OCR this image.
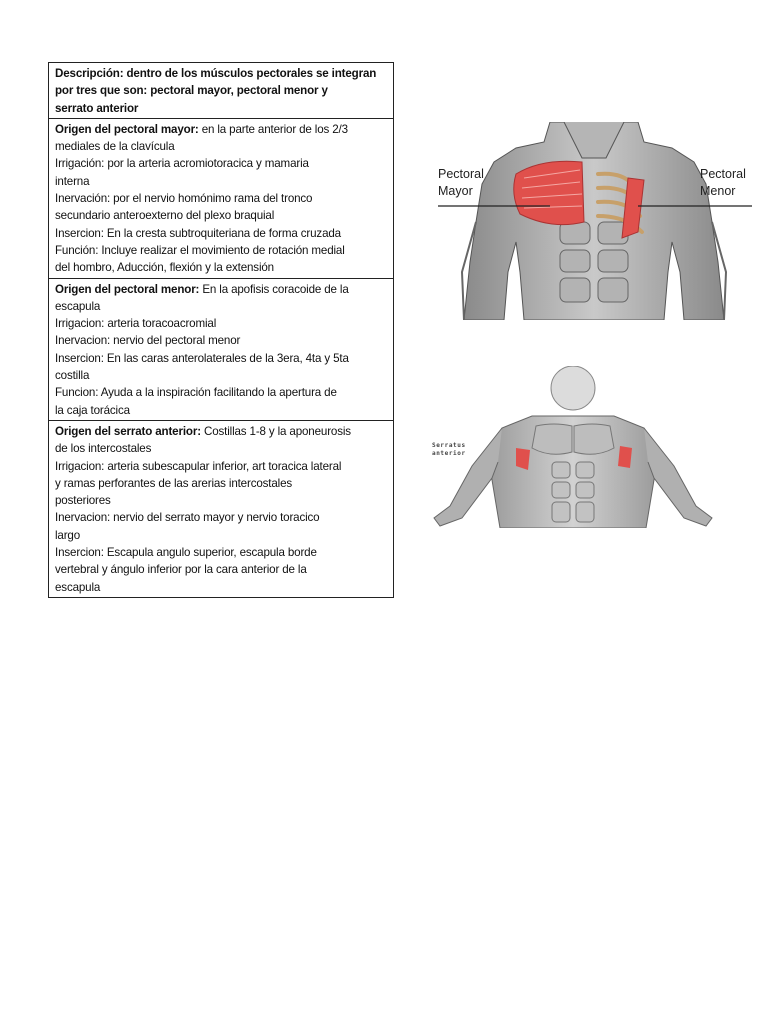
Descripción: dentro de los músculos pectorales se integran
por tres que son: pectoral mayor, pectoral menor y
serrato anterior

Origen del pectoral mayor: en la parte anterior de los 2/3
mediales de la clavícula
Irrigación: por la arteria acromiotoracica y mamaria
interna
Inervación: por el nervio homónimo rama del tronco
secundario anteroexterno del plexo braquial
Insercion: En la cresta subtroquiteriana de forma cruzada
Función: Incluye realizar el movimiento de rotación medial
del hombro, Aducción, flexión y la extensión

Origen del pectoral menor: En la apofisis coracoide de la
escapula
Irrigacion: arteria toracoacromial
Inervacion: nervio del pectoral menor
Insercion: En las caras anterolaterales de la 3era, 4ta y 5ta
costilla
Funcion: Ayuda a la inspiración facilitando la apertura de
la caja torácica

Origen del serrato anterior: Costillas 1-8 y la aponeurosis
de los intercostales
Irrigacion: arteria subescapular inferior, art toracica lateral
y ramas perforantes de las arerias intercostales
posteriores
Inervacion: nervio del serrato mayor y nervio toracico
largo
Insercion: Escapula angulo superior, escapula borde
vertebral y ángulo inferior por la cara anterior de la
escapula
Pectoral
Mayor
Pectoral
Menor
Serratus
anterior
